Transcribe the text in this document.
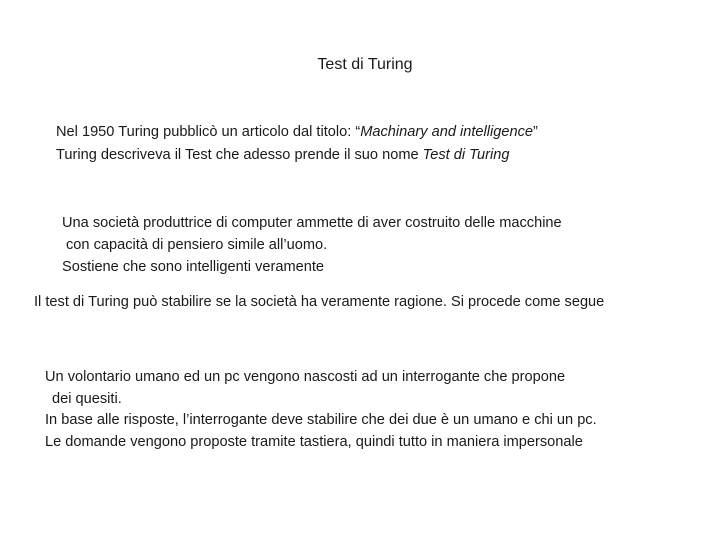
Test di Turing
Nel 1950 Turing pubblicò un articolo dal titolo: “Machinary and intelligence”
Turing descriveva il Test che adesso prende il suo nome Test di Turing
Una società produttrice di computer ammette di aver costruito delle macchine
con capacità di pensiero simile all’uomo.
Sostiene che sono intelligenti veramente
Il test di Turing può stabilire se la società ha veramente ragione. Si procede come segue
Un volontario umano ed un pc vengono nascosti ad un interrogante che propone
dei quesiti.
In base alle risposte, l’interrogante deve stabilire che dei due è un umano e chi un pc.
Le domande vengono proposte tramite tastiera, quindi tutto in maniera impersonale
